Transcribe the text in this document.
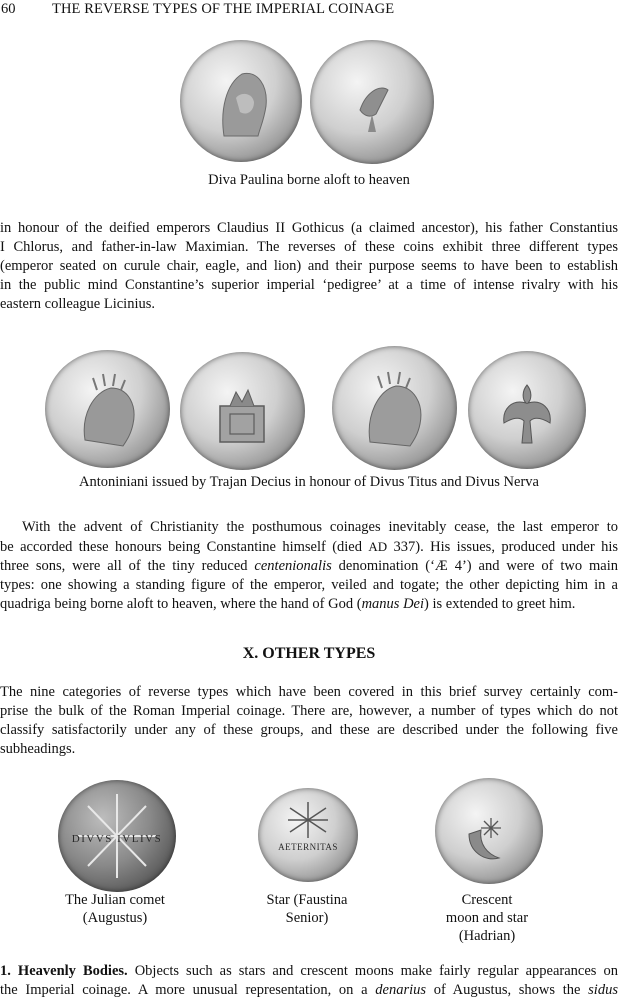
60	THE REVERSE TYPES OF THE IMPERIAL COINAGE
Diva Paulina borne aloft to heaven

in honour of the deified emperors Claudius II Gothicus (a claimed ancestor), his father Constantius
I Chlorus, and father-in-law Maximian. The reverses of these coins exhibit three different types
(emperor seated on curule chair, eagle, and lion) and their purpose seems to have been to establish
in the public mind Constantine’s superior imperial ‘pedigree’ at a time of intense rivalry with his
eastern colleague Licinius.

Antoniniani issued by Trajan Decius in honour of Divus Titus and Divus Nerva

With the advent of Christianity the posthumous coinages inevitably cease, the last emperor to
be accorded these honours being Constantine himself (died AD 337). His issues, produced under his
three sons, were all of the tiny reduced centenionalis denomination (‘Æ 4’) and were of two main
types: one showing a standing figure of the emperor, veiled and togate; the other depicting him in a
quadriga being borne aloft to heaven, where the hand of God (manus Dei) is extended to greet him.

X. OTHER TYPES

The nine categories of reverse types which have been covered in this brief survey certainly com-
prise the bulk of the Roman Imperial coinage. There are, however, a number of types which do not
classify satisfactorily under any of these groups, and these are described under the following five
subheadings.

DIVVS IVLIVS
AETERNITAS
The Julian comet
(Augustus)
Star (Faustina
Senior)
Crescent
moon and star
(Hadrian)

1. Heavenly Bodies. Objects such as stars and crescent moons make fairly regular appearances on
the Imperial coinage. A more unusual representation, on a denarius of Augustus, shows the sidus
